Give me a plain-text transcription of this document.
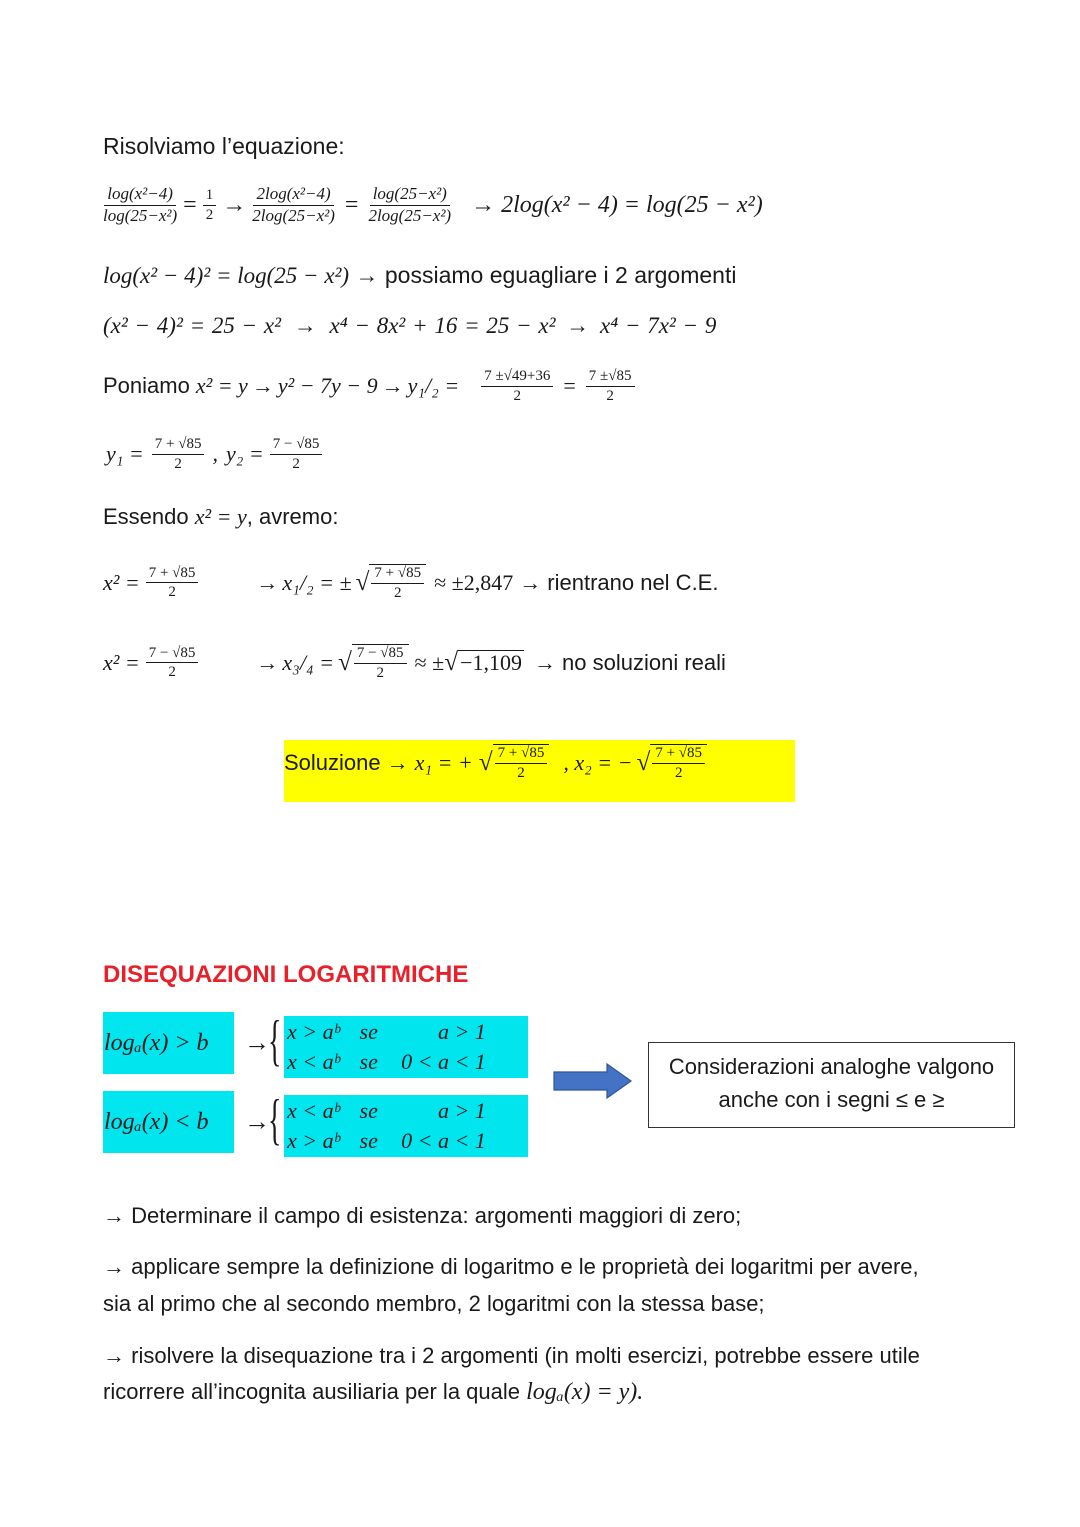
Risolviamo l’equazione:
$\frac{\text{log(x²−4)}}{\text{log(25−x²)}} = \frac{1}{2} \to \frac{\text{2log(x²−4)}}{\text{2log(25−x²)}} = \frac{\text{log(25−x²)}}{\text{2log(25−x²)}} \to 2\log(x^2 - 4) = \log(25 - x^2)$
log(x² − 4)² = log(25 − x²) → possiamo eguagliare i 2 argomenti
(x² − 4)² = 25 − x² → x⁴ − 8x² + 16 = 25 − x² → x⁴ − 7x² − 9
Poniamo $x^2 = y \to y^2 - 7y - 9 \to y_1/_2 = \frac{7 \pm√49+36}{2} = \frac{7 \pm√85}{2}$
$y_1 = \frac{7 + √85}{2}$ , $y_2 = \frac{7 - √85}{2}$
Essendo x² = y, avremo:
$x^2 = \frac{7 + √85}{2}$	→ x₁/₂ = ± √ $\frac{7 + √85}{2} \approx \pm 2,847$ → rientrano nel C.E.
$x^2 = \frac{7 - √85}{2}$	→ x₃/₄ = √ $\frac{7 - √85}{2}$ ≈ ± √ −1,109 → no soluzioni reali
Soluzione → x₁ = + √ $\frac{7 + √85}{2}$ , x₂ = − √ $\frac{7 + √85}{2}$
DISEQUAZIONI LOGARITMICHE
logₐ(x) > b	→
{ x > aᵇ se	a > 1
x < aᵇ se 0 < a < 1
logₐ(x) < b	→
{ x < aᵇ se	a > 1
x > aᵇ se 0 < a < 1
Considerazioni analoghe valgono
anche con i segni ≤ e ≥
→ Determinare il campo di esistenza: argomenti maggiori di zero;
→ applicare sempre la definizione di logaritmo e le proprietà dei logaritmi per avere,
sia al primo che al secondo membro, 2 logaritmi con la stessa base;
→ risolvere la disequazione tra i 2 argomenti (in molti esercizi, potrebbe essere utile
ricorrere all’incognita ausiliaria per la quale logₐ(x) = y).
